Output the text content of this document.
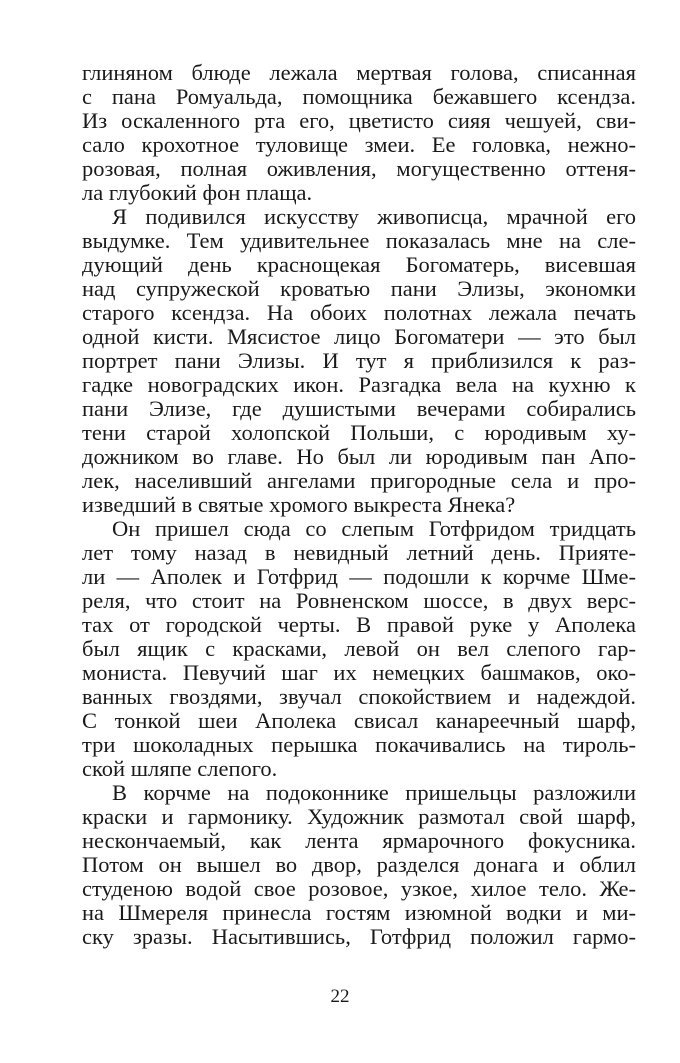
глиняном блюде лежала мертвая голова, списанная
с пана Ромуальда, помощника бежавшего ксендза.
Из оскаленного рта его, цветисто сияя чешуей, сви-
сало крохотное туловище змеи. Ее головка, нежно-
розовая, полная оживления, могущественно оттеня-
ла глубокий фон плаща.
Я подивился искусству живописца, мрачной его
выдумке. Тем удивительнее показалась мне на сле-
дующий день краснощекая Богоматерь, висевшая
над супружеской кроватью пани Элизы, экономки
старого ксендза. На обоих полотнах лежала печать
одной кисти. Мясистое лицо Богоматери — это был
портрет пани Элизы. И тут я приблизился к раз-
гадке новоградских икон. Разгадка вела на кухню к
пани Элизе, где душистыми вечерами собирались
тени старой холопской Польши, с юродивым ху-
дожником во главе. Но был ли юродивым пан Апо-
лек, населивший ангелами пригородные села и про-
изведший в святые хромого выкреста Янека?
Он пришел сюда со слепым Готфридом тридцать
лет тому назад в невидный летний день. Прияте-
ли — Аполек и Готфрид — подошли к корчме Шме-
реля, что стоит на Ровненском шоссе, в двух верс-
тах от городской черты. В правой руке у Аполека
был ящик с красками, левой он вел слепого гар-
мониста. Певучий шаг их немецких башмаков, око-
ванных гвоздями, звучал спокойствием и надеждой.
С тонкой шеи Аполека свисал канареечный шарф,
три шоколадных перышка покачивались на тироль-
ской шляпе слепого.
В корчме на подоконнике пришельцы разложили
краски и гармонику. Художник размотал свой шарф,
нескончаемый, как лента ярмарочного фокусника.
Потом он вышел во двор, разделся донага и облил
студеною водой свое розовое, узкое, хилое тело. Же-
на Шмереля принесла гостям изюмной водки и ми-
ску зразы. Насытившись, Готфрид положил гармо-
22
